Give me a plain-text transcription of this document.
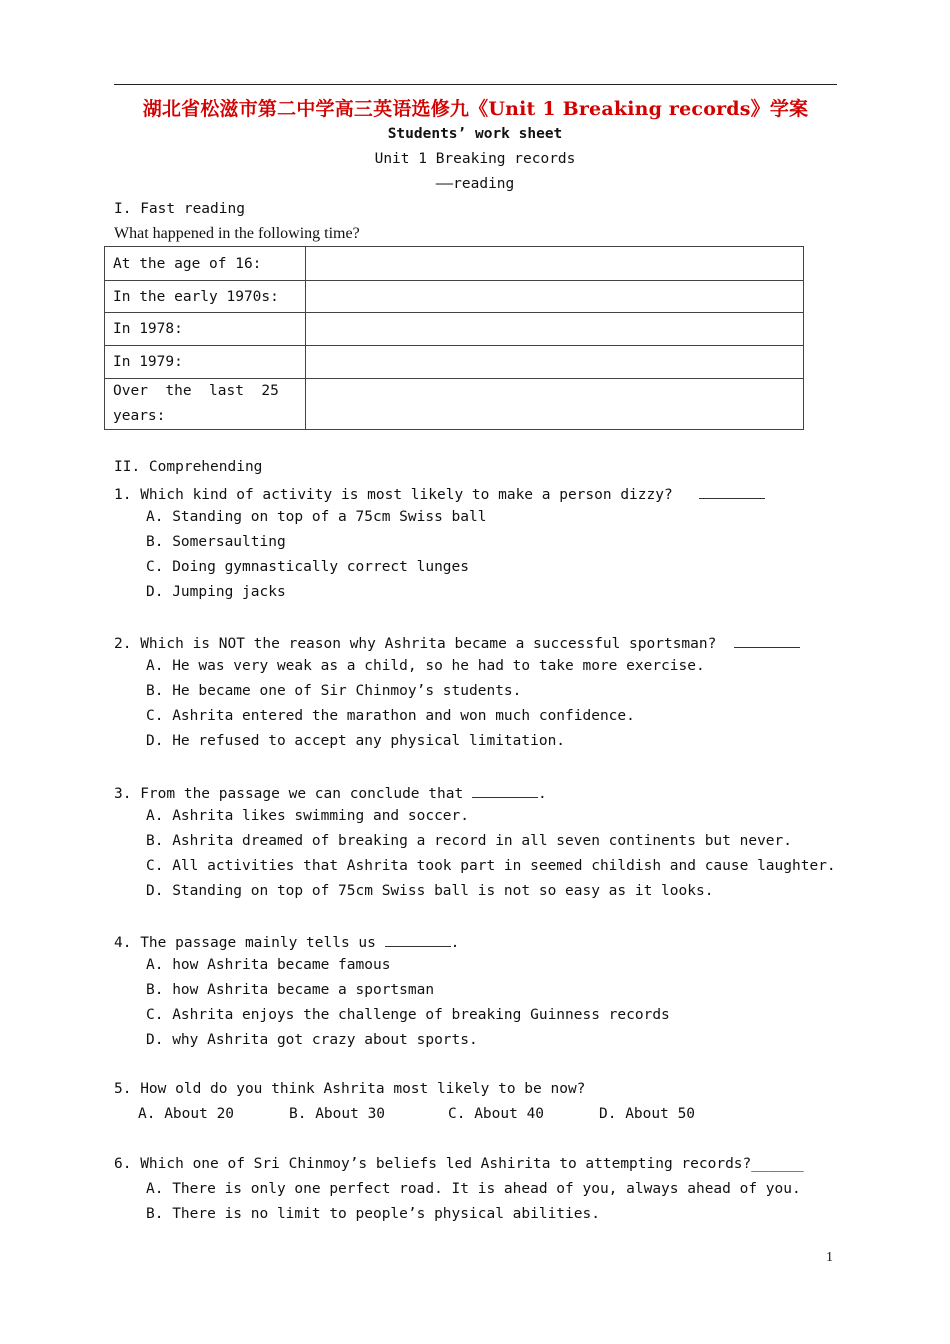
湖北省松滋市第二中学高三英语选修九《Unit 1 Breaking records》学案
Students’ work sheet
Unit 1 Breaking records
——reading
I. Fast reading
What happened in the following time?
At the age of 16:	
In the early 1970s:	
In 1978:	
In 1979:	
Over  the  last  25
years:	
II. Comprehending
1. Which kind of activity is most likely to make a person dizzy?
A. Standing on top of a 75cm Swiss ball
B. Somersaulting
C. Doing gymnastically correct lunges
D. Jumping jacks
2. Which is NOT the reason why Ashrita became a successful sportsman?
A. He was very weak as a child, so he had to take more exercise.
B. He became one of Sir Chinmoy’s students.
C. Ashrita entered the marathon and won much confidence.
D. He refused to accept any physical limitation.
3. From the passage we can conclude that	.
A. Ashrita likes swimming and soccer.
B. Ashrita dreamed of breaking a record in all seven continents but never.
C. All activities that Ashrita took part in seemed childish and cause laughter.
D. Standing on top of 75cm Swiss ball is not so easy as it looks.
4. The passage mainly tells us	.
A. how Ashrita became famous
B. how Ashrita became a sportsman
C. Ashrita enjoys the challenge of breaking Guinness records
D. why Ashrita got crazy about sports.
5. How old do you think Ashrita most likely to be now?
A. About 20	B. About 30	C. About 40	D. About 50
6. Which one of Sri Chinmoy’s beliefs led Ashirita to attempting records?______
A. There is only one perfect road. It is ahead of you, always ahead of you.
B. There is no limit to people’s physical abilities.
1
